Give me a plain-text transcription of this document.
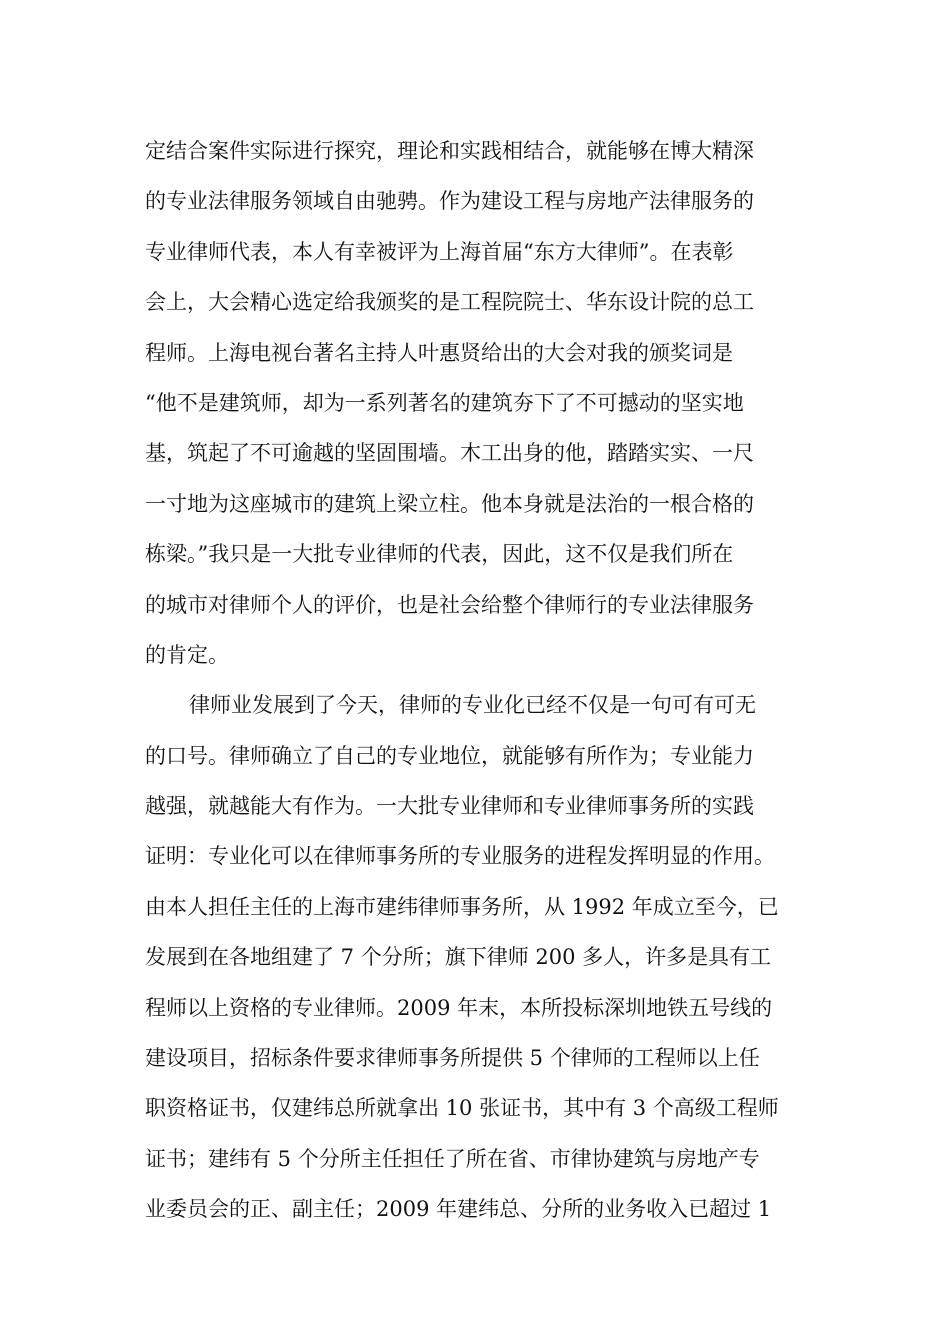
定结合案件实际进行探究，理论和实践相结合，就能够在博大精深
的专业法律服务领域自由驰骋。作为建设工程与房地产法律服务的
专业律师代表，本人有幸被评为上海首届“东方大律师”。在表彰
会上，大会精心选定给我颁奖的是工程院院士、华东设计院的总工
程师。上海电视台著名主持人叶惠贤给出的大会对我的颁奖词是
“他不是建筑师，却为一系列著名的建筑夯下了不可撼动的坚实地
基，筑起了不可逾越的坚固围墙。木工出身的他，踏踏实实、一尺
一寸地为这座城市的建筑上梁立柱。他本身就是法治的一根合格的
栋梁。”我只是一大批专业律师的代表，因此，这不仅是我们所在
的城市对律师个人的评价，也是社会给整个律师行的专业法律服务
的肯定。
律师业发展到了今天，律师的专业化已经不仅是一句可有可无
的口号。律师确立了自己的专业地位，就能够有所作为；专业能力
越强，就越能大有作为。一大批专业律师和专业律师事务所的实践
证明：专业化可以在律师事务所的专业服务的进程发挥明显的作用。
由本人担任主任的上海市建纬律师事务所，从 1992 年成立至今，已
发展到在各地组建了 7 个分所；旗下律师 200 多人，许多是具有工
程师以上资格的专业律师。2009 年末，本所投标深圳地铁五号线的
建设项目，招标条件要求律师事务所提供 5 个律师的工程师以上任
职资格证书，仅建纬总所就拿出 10 张证书，其中有 3 个高级工程师
证书；建纬有 5 个分所主任担任了所在省、市律协建筑与房地产专
业委员会的正、副主任；2009 年建纬总、分所的业务收入已超过 1
